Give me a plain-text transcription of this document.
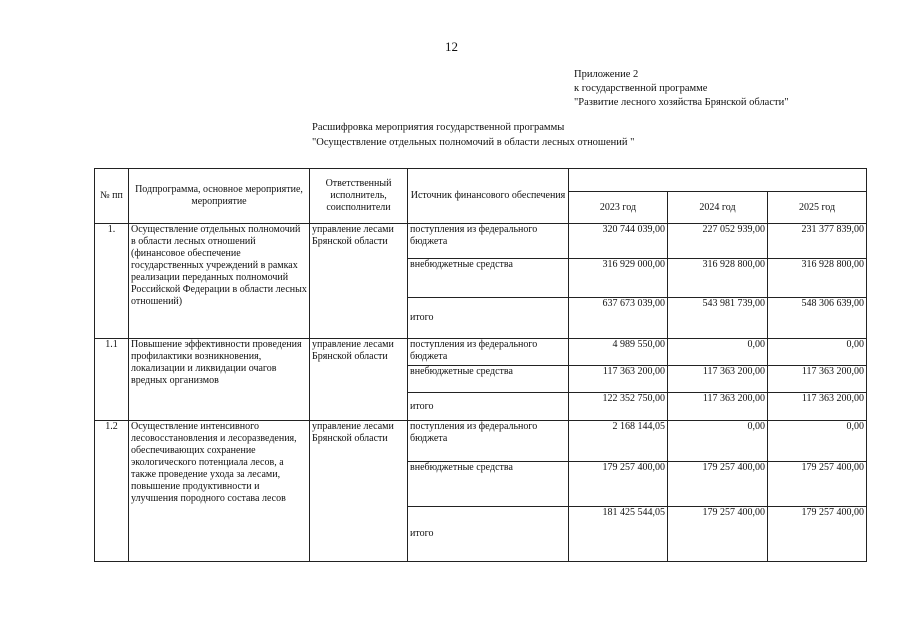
12
Приложение 2
к государственной программе
"Развитие лесного хозяйства Брянской области"
Расшифровка мероприятия государственной программы
"Осуществление отдельных полномочий в области лесных отношений "
№ пп	Подпрограмма, основное мероприятие, мероприятие	Ответственный исполнитель, соисполнители	Источник финансового обеспечения			
				2023 год	2024 год	2025 год
1.	Осуществление отдельных полномочий в области лесных отношений (финансовое обеспечение государственных учреждений в рамках реализации переданных полномочий Российской Федерации в области лесных отношений)	управление лесами Брянской области	поступления из федерального бюджета	320 744 039,00	227 052 939,00	231 377 839,00
			внебюджетные средства	316 929 000,00	316 928 800,00	316 928 800,00
			итого	637 673 039,00	543 981 739,00	548 306 639,00
1.1	Повышение эффективности проведения профилактики возникновения, локализации и ликвидации очагов вредных организмов	управление лесами Брянской области	поступления из федерального бюджета	4 989 550,00	0,00	0,00
			внебюджетные средства	117 363 200,00	117 363 200,00	117 363 200,00
			итого	122 352 750,00	117 363 200,00	117 363 200,00
1.2	Осуществление интенсивного лесовосстановления и лесоразведения, обеспечивающих сохранение экологического потенциала лесов, а также проведение ухода за лесами, повышение продуктивности и улучшения породного состава лесов	управление лесами Брянской области	поступления из федерального бюджета	2 168 144,05	0,00	0,00
			внебюджетные средства	179 257 400,00	179 257 400,00	179 257 400,00
			итого	181 425 544,05	179 257 400,00	179 257 400,00
